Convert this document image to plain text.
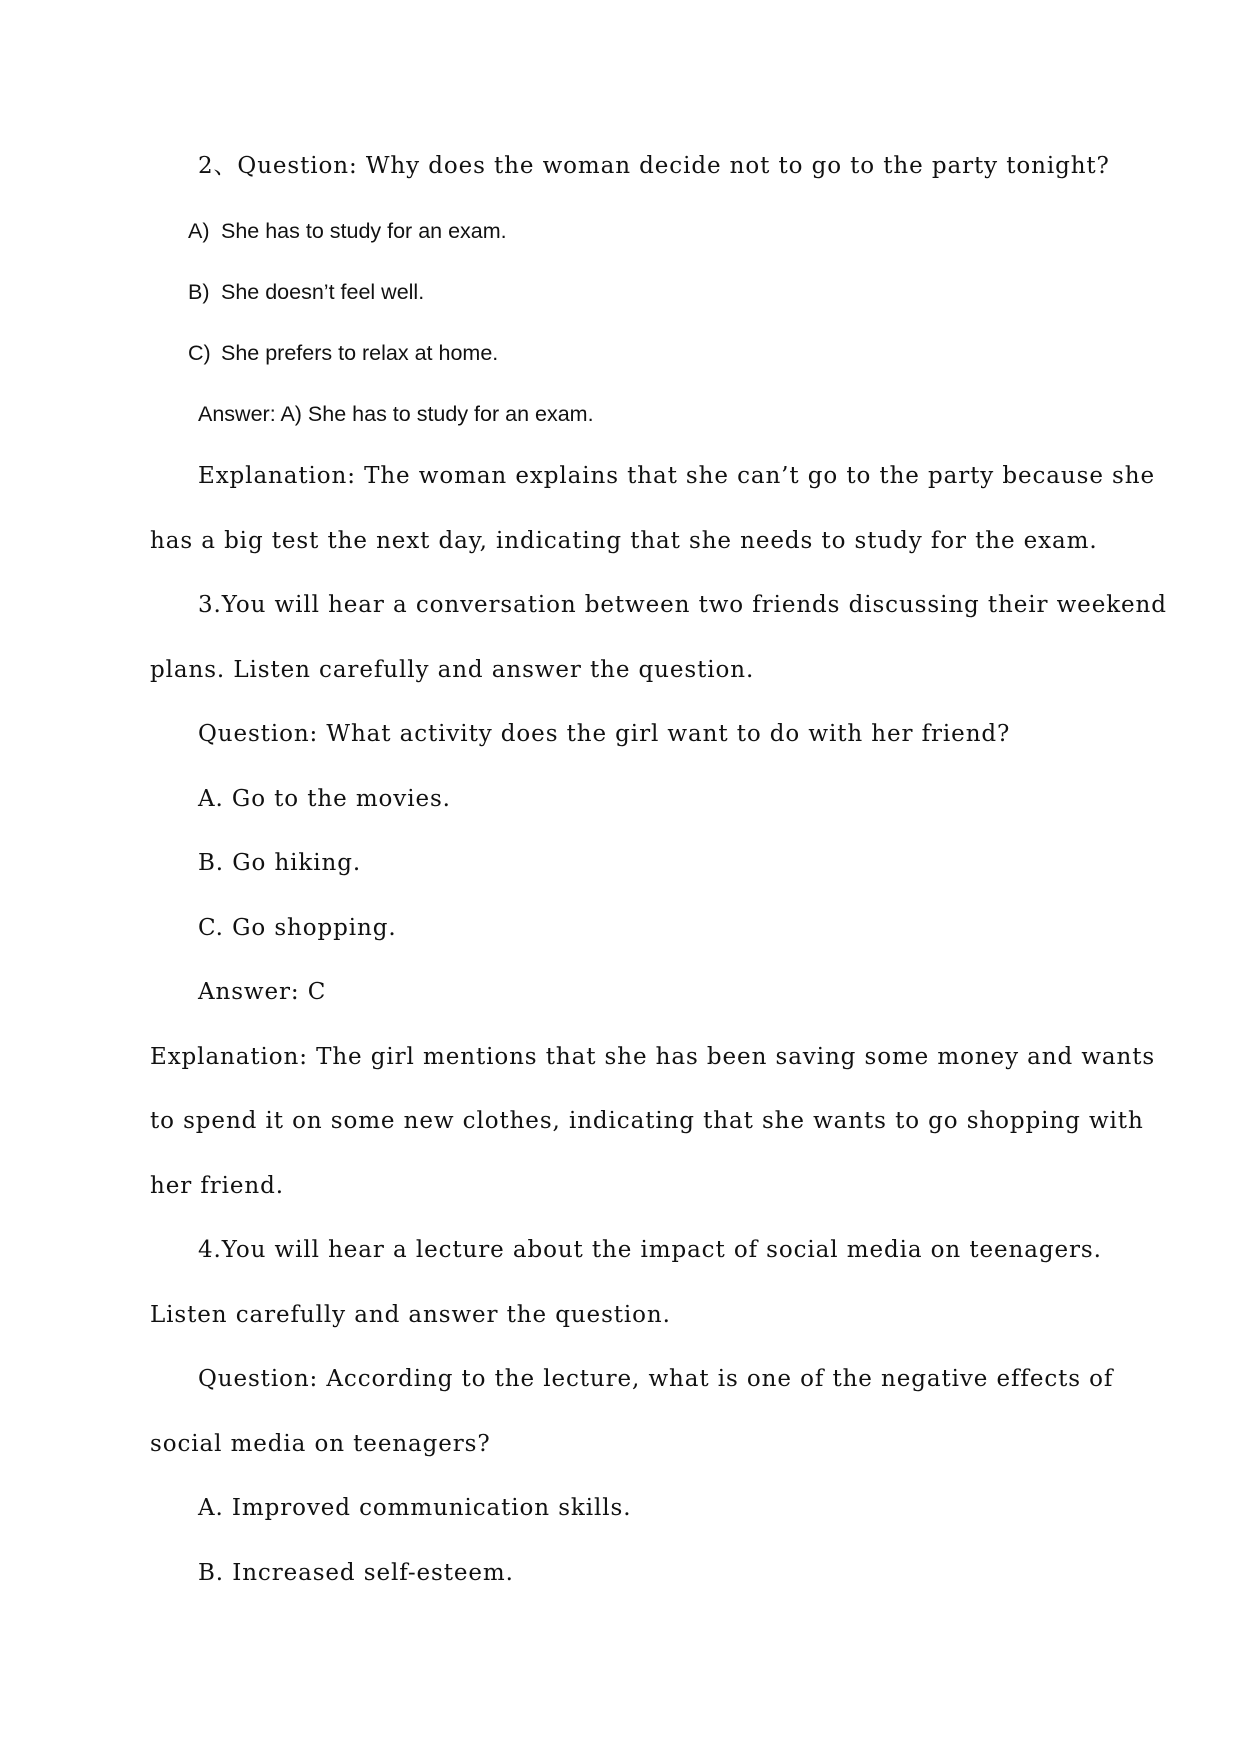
2、Question: Why does the woman decide not to go to the party tonight?
A) She has to study for an exam.
B) She doesn’t feel well.
C) She prefers to relax at home.
Answer: A) She has to study for an exam.
Explanation: The woman explains that she can’t go to the party because she
has a big test the next day, indicating that she needs to study for the exam.
3.You will hear a conversation between two friends discussing their weekend
plans. Listen carefully and answer the question.
Question: What activity does the girl want to do with her friend?
A. Go to the movies.
B. Go hiking.
C. Go shopping.
Answer: C
Explanation: The girl mentions that she has been saving some money and wants
to spend it on some new clothes, indicating that she wants to go shopping with
her friend.
4.You will hear a lecture about the impact of social media on teenagers.
Listen carefully and answer the question.
Question: According to the lecture, what is one of the negative effects of
social media on teenagers?
A. Improved communication skills.
B. Increased self-esteem.
